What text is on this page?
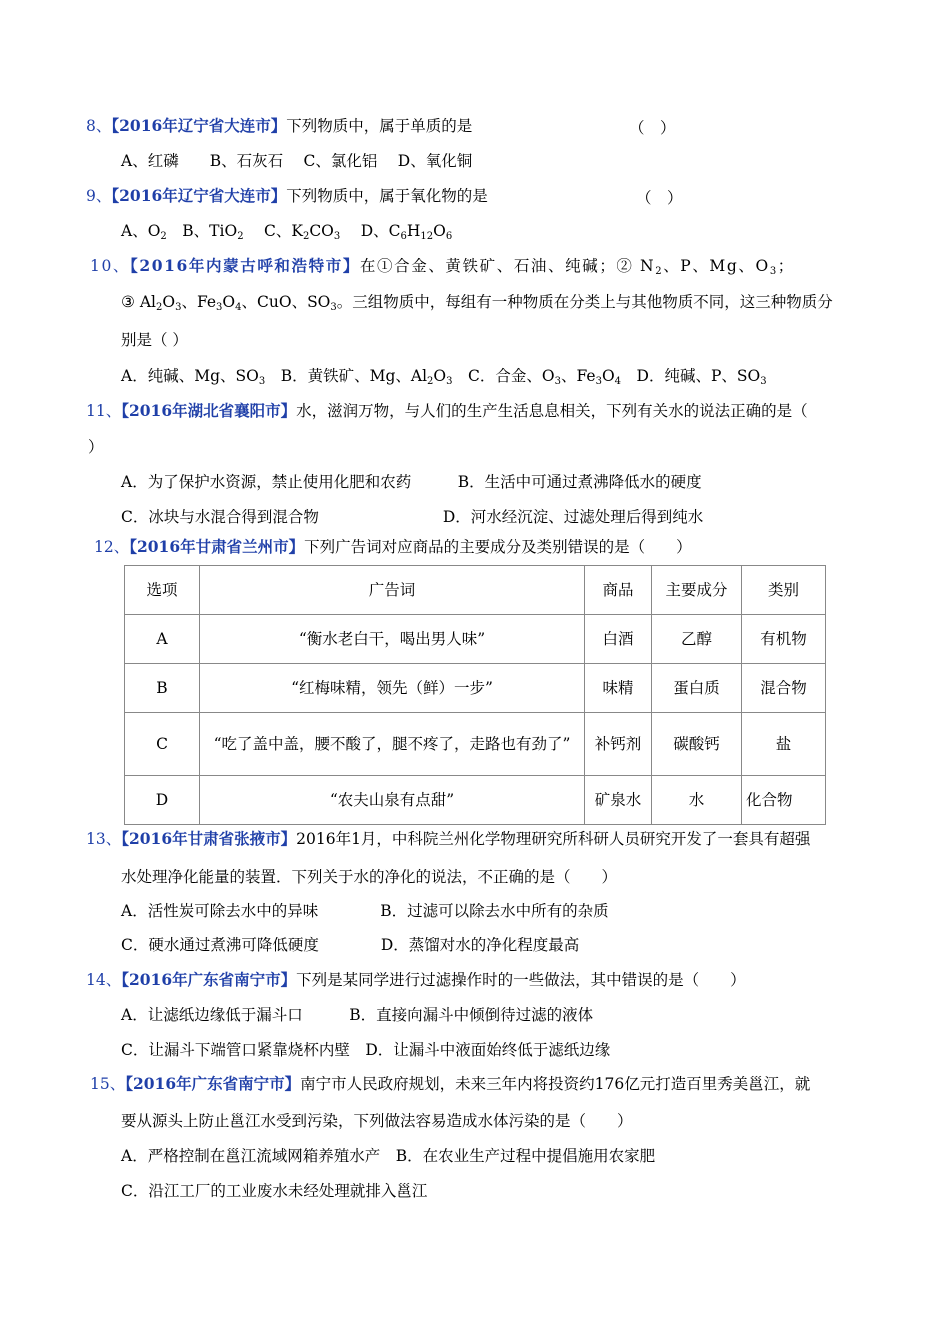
8、【2016年辽宁省大连市】下列物质中，属于单质的是	（　）
A、红磷　　B、石灰石　 C、氯化铝　 D、氧化铜
9、【2016年辽宁省大连市】下列物质中，属于氧化物的是	（　）
A、$O_2$　B、TiO$_2$　 C、$K_2CO_3$　 D、$C_6H_{12}O_6$
10、【2016年内蒙古呼和浩特市】在①合金、黄铁矿、石油、纯碱；② $N_2$、P、Mg、$O_3$；
③ $Al_2O_3$、$Fe_3O_4$、CuO、$SO_3$。三组物质中，每组有一种物质在分类上与其他物质不同，这三种物质分
别是（ ）
A．纯碱、Mg、$SO_3$　B．黄铁矿、Mg、$Al_2O_3$　C．合金、$O_3$、$Fe_3O_4$　D．纯碱、P、$SO_3$
11、【2016年湖北省襄阳市】水，滋润万物，与人们的生产生活息息相关，下列有关水的说法正确的是（
）
A．为了保护水资源，禁止使用化肥和农药　　　B．生活中可通过煮沸降低水的硬度
C．冰块与水混合得到混合物　　　　　　　　D．河水经沉淀、过滤处理后得到纯水
12、【2016年甘肃省兰州市】下列广告词对应商品的主要成分及类别错误的是（　　）
选项	广告词	商品	主要成分	类别
A	“衡水老白干，喝出男人味”	白酒	乙醇	有机物
B	“红梅味精，领先（鲜）一步”	味精	蛋白质	混合物
C	“吃了盖中盖，腰不酸了，腿不疼了，走路也有劲了”	补钙剂	碳酸钙	盐
D	“农夫山泉有点甜”	矿泉水	水	化合物
13、【2016年甘肃省张掖市】2016年1月，中科院兰州化学物理研究所科研人员研究开发了一套具有超强
水处理净化能量的装置．下列关于水的净化的说法，不正确的是（　　）
A．活性炭可除去水中的异味　　　　B．过滤可以除去水中所有的杂质
C．硬水通过煮沸可降低硬度　　　　D．蒸馏对水的净化程度最高
14、【2016年广东省南宁市】下列是某同学进行过滤操作时的一些做法，其中错误的是（　　）
A．让滤纸边缘低于漏斗口　　　B．直接向漏斗中倾倒待过滤的液体
C．让漏斗下端管口紧靠烧杯内壁　D．让漏斗中液面始终低于滤纸边缘
15、【2016年广东省南宁市】南宁市人民政府规划，未来三年内将投资约176亿元打造百里秀美邕江，就
要从源头上防止邕江水受到污染，下列做法容易造成水体污染的是（　　）
A．严格控制在邕江流域网箱养殖水产　B．在农业生产过程中提倡施用农家肥
C．沿江工厂的工业废水未经处理就排入邕江
